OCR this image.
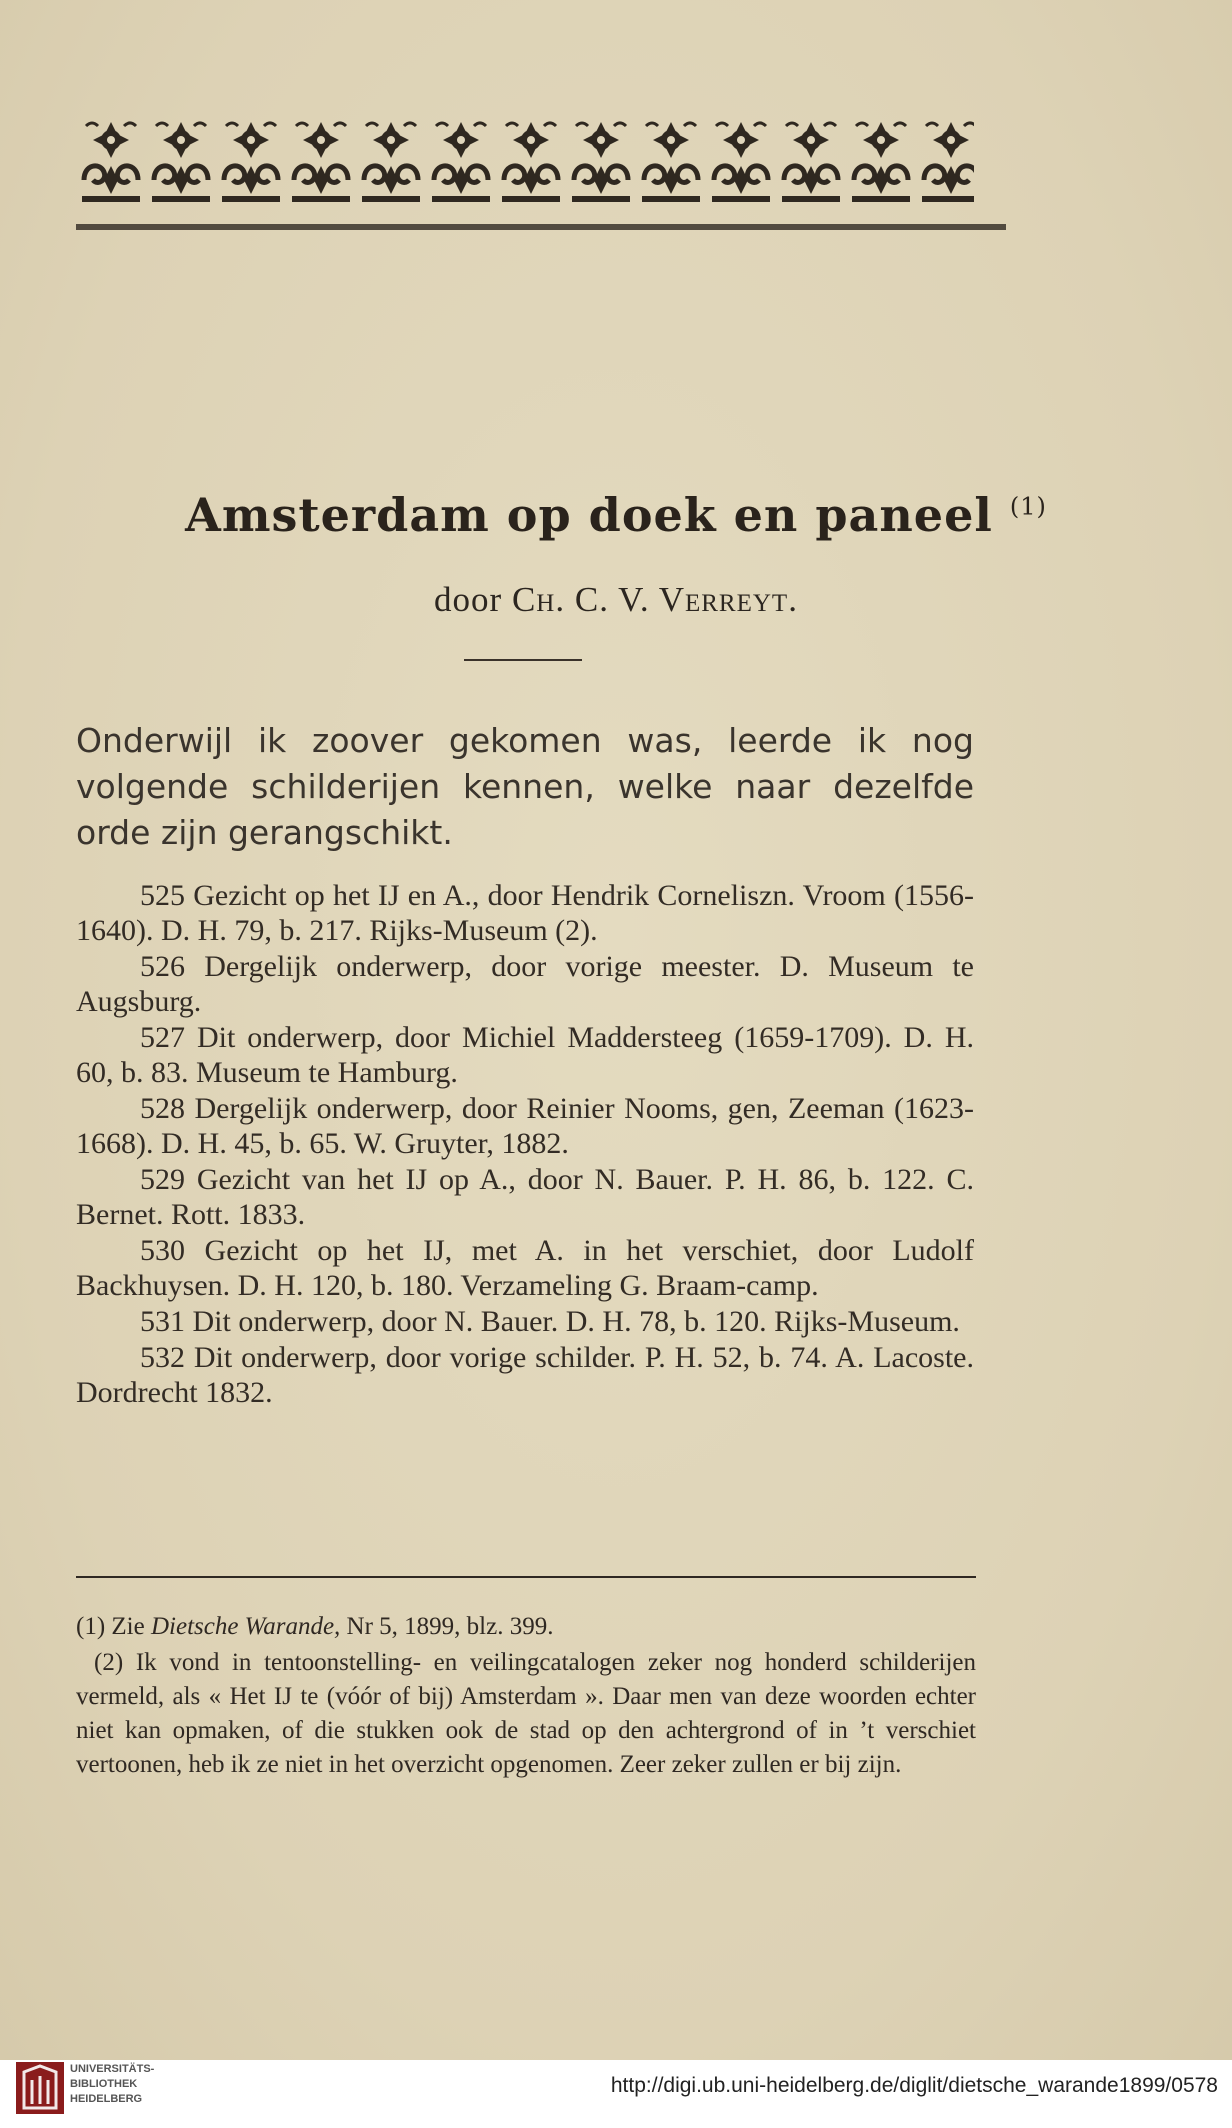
Amsterdam op doek en paneel $^{(1)}$
door Ch. C. V. Verreyt.
Onderwijl ik zoover gekomen was, leerde ik nog volgende schilderijen kennen, welke naar dezelfde orde zijn gerangschikt.

525 Gezicht op het IJ en A., door Hendrik Corneliszn. Vroom (1556-1640). D. H. 79, b. 217. Rijks-Museum (2).

526 Dergelijk onderwerp, door vorige meester. D. Museum te Augsburg.

527 Dit onderwerp, door Michiel Maddersteeg (1659-1709). D. H. 60, b. 83. Museum te Hamburg.

528 Dergelijk onderwerp, door Reinier Nooms, gen, Zeeman (1623-1668). D. H. 45, b. 65. W. Gruyter, 1882.

529 Gezicht van het IJ op A., door N. Bauer. P. H. 86, b. 122. C. Bernet. Rott. 1833.

530 Gezicht op het IJ, met A. in het verschiet, door Ludolf Backhuysen. D. H. 120, b. 180. Verzameling G. Braam-camp.

531 Dit onderwerp, door N. Bauer. D. H. 78, b. 120. Rijks-Museum.

532 Dit onderwerp, door vorige schilder. P. H. 52, b. 74. A. Lacoste. Dordrecht 1832.

(1) Zie Dietsche Warande, Nr 5, 1899, blz. 399.

(2) Ik vond in tentoonstelling- en veilingcatalogen zeker nog honderd schilderijen vermeld, als « Het IJ te (vóór of bij) Amsterdam ». Daar men van deze woorden echter niet kan opmaken, of die stukken ook de stad op den achtergrond of in ’t verschiet vertoonen, heb ik ze niet in het overzicht opgenomen. Zeer zeker zullen er bij zijn.

UNIVERSITÄTS-
BIBLIOTHEK
HEIDELBERG
http://digi.ub.uni-heidelberg.de/diglit/dietsche_warande1899/0578
